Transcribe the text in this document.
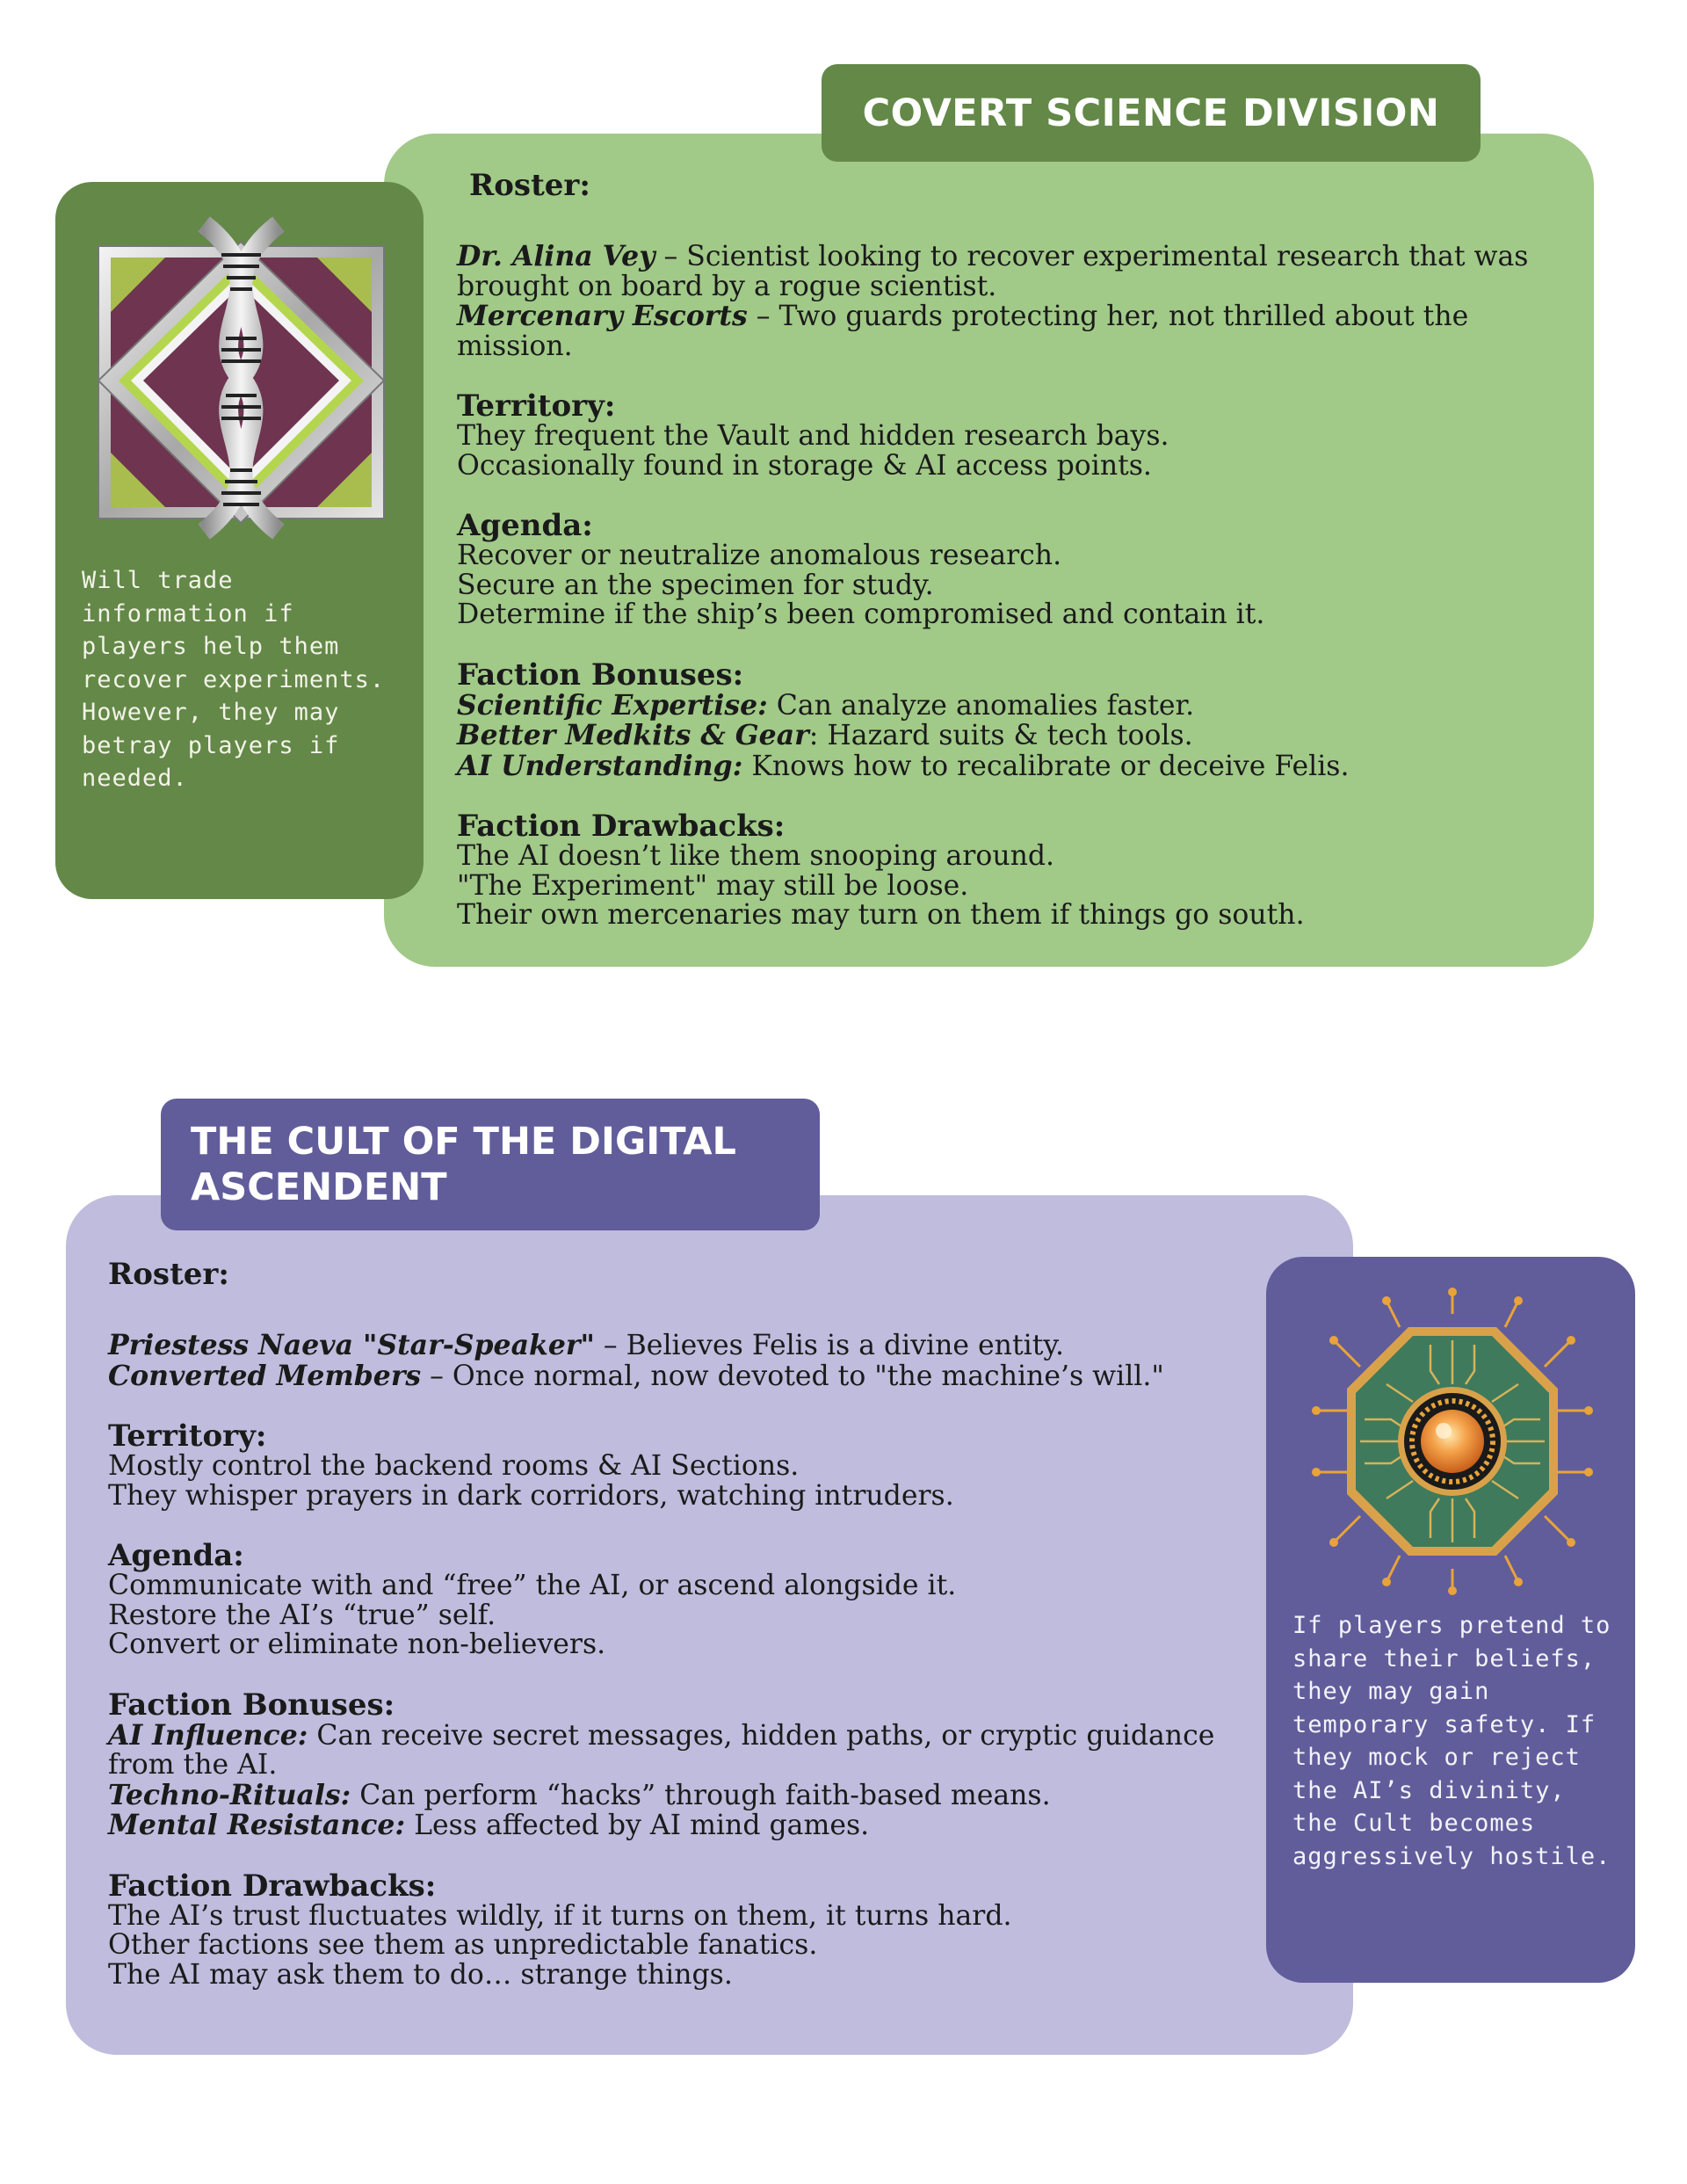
COVERT SCIENCE DIVISION
Will trade information if players help them recover experiments. However, they may betray players if needed.
Roster:
Dr. Alina Vey – Scientist looking to recover experimental research that was brought on board by a rogue scientist.
Mercenary Escorts – Two guards protecting her, not thrilled about the mission.
Territory:
They frequent the Vault and hidden research bays.
Occasionally found in storage & AI access points.
Agenda:
Recover or neutralize anomalous research.
Secure an the specimen for study.
Determine if the ship’s been compromised and contain it.
Faction Bonuses:
Scientific Expertise: Can analyze anomalies faster.
Better Medkits & Gear: Hazard suits & tech tools.
AI Understanding: Knows how to recalibrate or deceive Felis.
Faction Drawbacks:
The AI doesn’t like them snooping around.
"The Experiment" may still be loose.
Their own mercenaries may turn on them if things go south.
THE CULT OF THE DIGITAL ASCENDENT
If players pretend to share their beliefs, they may gain temporary safety. If they mock or reject the AI’s divinity, the Cult becomes aggressively hostile.
Roster:
Priestess Naeva "Star-Speaker" – Believes Felis is a divine entity.
Converted Members – Once normal, now devoted to "the machine’s will."
Territory:
Mostly control the backend rooms & AI Sections.
They whisper prayers in dark corridors, watching intruders.
Agenda:
Communicate with and “free” the AI, or ascend alongside it.
Restore the AI’s “true” self.
Convert or eliminate non-believers.
Faction Bonuses:
AI Influence: Can receive secret messages, hidden paths, or cryptic guidance from the AI.
Techno-Rituals: Can perform “hacks” through faith-based means.
Mental Resistance: Less affected by AI mind games.
Faction Drawbacks:
The AI’s trust fluctuates wildly, if it turns on them, it turns hard.
Other factions see them as unpredictable fanatics.
The AI may ask them to do… strange things.
